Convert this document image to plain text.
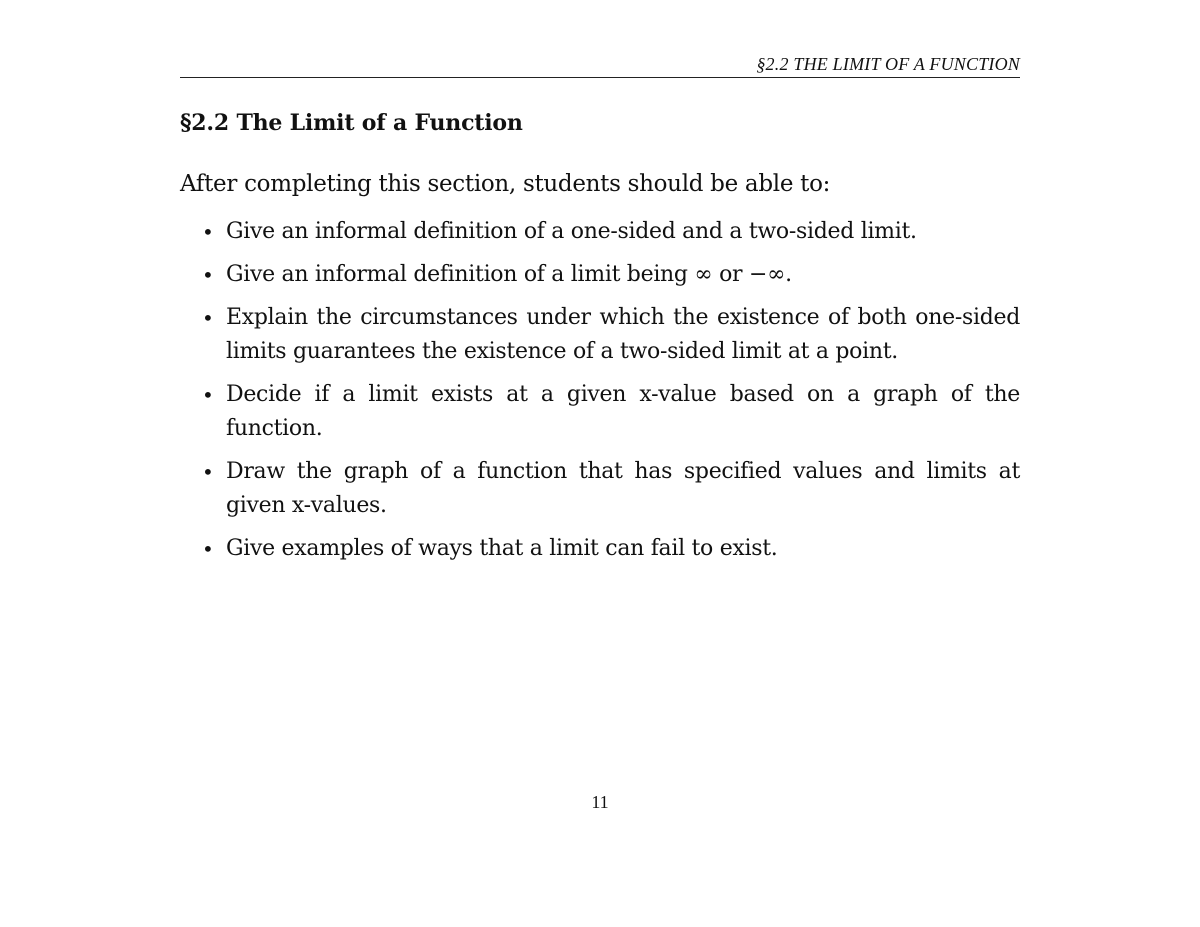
§2.2 THE LIMIT OF A FUNCTION
§2.2 The Limit of a Function

After completing this section, students should be able to:

• Give an informal definition of a one-sided and a two-sided limit.
• Give an informal definition of a limit being ∞ or −∞.
• Explain the circumstances under which the existence of both one-sided limits guarantees the existence of a two-sided limit at a point.
• Decide if a limit exists at a given x-value based on a graph of the function.
• Draw the graph of a function that has specified values and limits at given x-values.
• Give examples of ways that a limit can fail to exist.
11
